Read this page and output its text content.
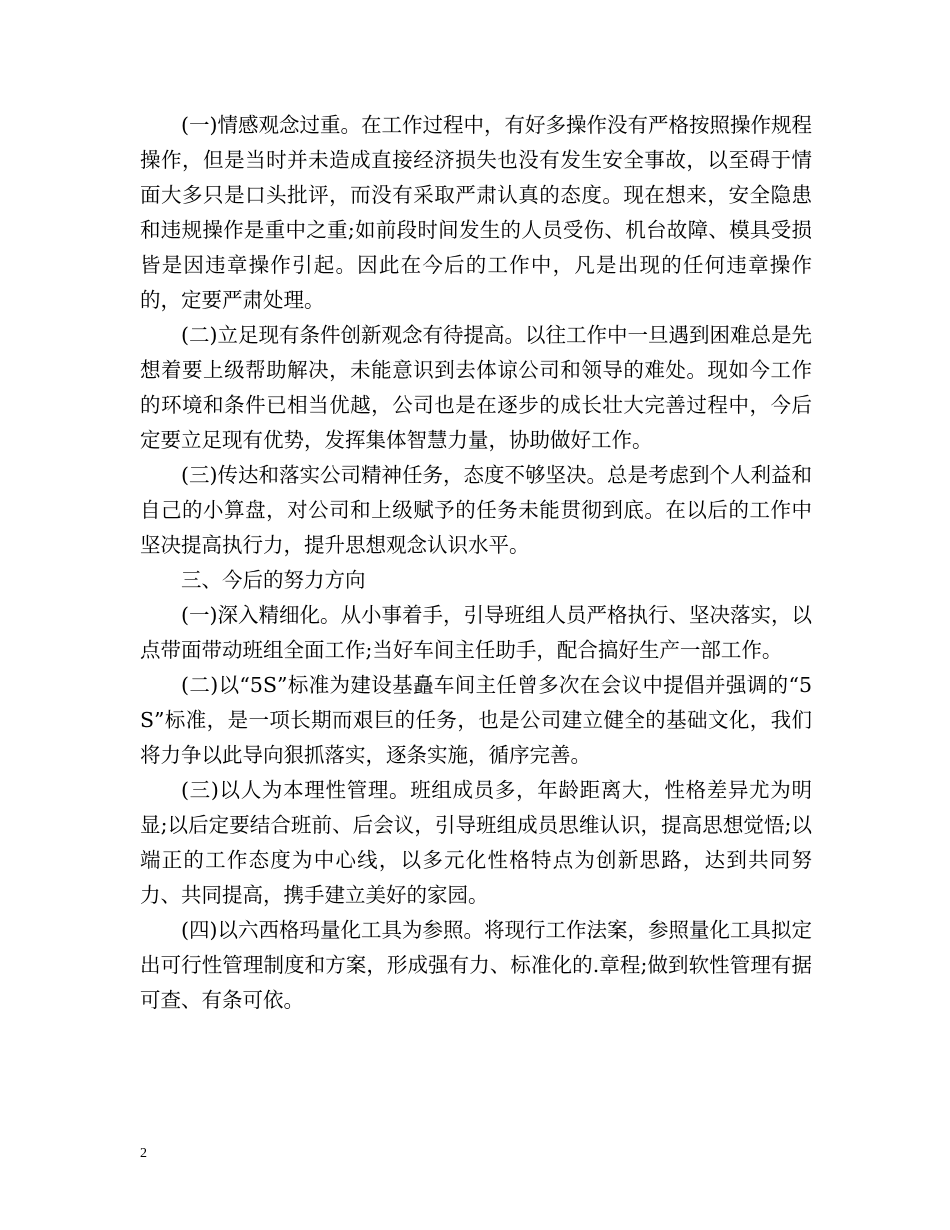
(一)情感观念过重。在工作过程中，有好多操作没有严格按照操作规程操作，但是当时并未造成直接经济损失也没有发生安全事故，以至碍于情面大多只是口头批评，而没有采取严肃认真的态度。现在想来，安全隐患和违规操作是重中之重;如前段时间发生的人员受伤、机台故障、模具受损皆是因违章操作引起。因此在今后的工作中，凡是出现的任何违章操作的，定要严肃处理。

(二)立足现有条件创新观念有待提高。以往工作中一旦遇到困难总是先想着要上级帮助解决，未能意识到去体谅公司和领导的难处。现如今工作的环境和条件已相当优越，公司也是在逐步的成长壮大完善过程中，今后定要立足现有优势，发挥集体智慧力量，协助做好工作。

(三)传达和落实公司精神任务，态度不够坚决。总是考虑到个人利益和自己的小算盘，对公司和上级赋予的任务未能贯彻到底。在以后的工作中坚决提高执行力，提升思想观念认识水平。

三、今后的努力方向

(一)深入精细化。从小事着手，引导班组人员严格执行、坚决落实，以点带面带动班组全面工作;当好车间主任助手，配合搞好生产一部工作。

(二)以“5S”标准为建设基矗车间主任曾多次在会议中提倡并强调的“5S”标准，是一项长期而艰巨的任务，也是公司建立健全的基础文化，我们将力争以此导向狠抓落实，逐条实施，循序完善。

(三)以人为本理性管理。班组成员多，年龄距离大，性格差异尤为明显;以后定要结合班前、后会议，引导班组成员思维认识，提高思想觉悟;以端正的工作态度为中心线，以多元化性格特点为创新思路，达到共同努力、共同提高，携手建立美好的家园。

(四)以六西格玛量化工具为参照。将现行工作法案，参照量化工具拟定出可行性管理制度和方案，形成强有力、标准化的.章程;做到软性管理有据可查、有条可依。

2
